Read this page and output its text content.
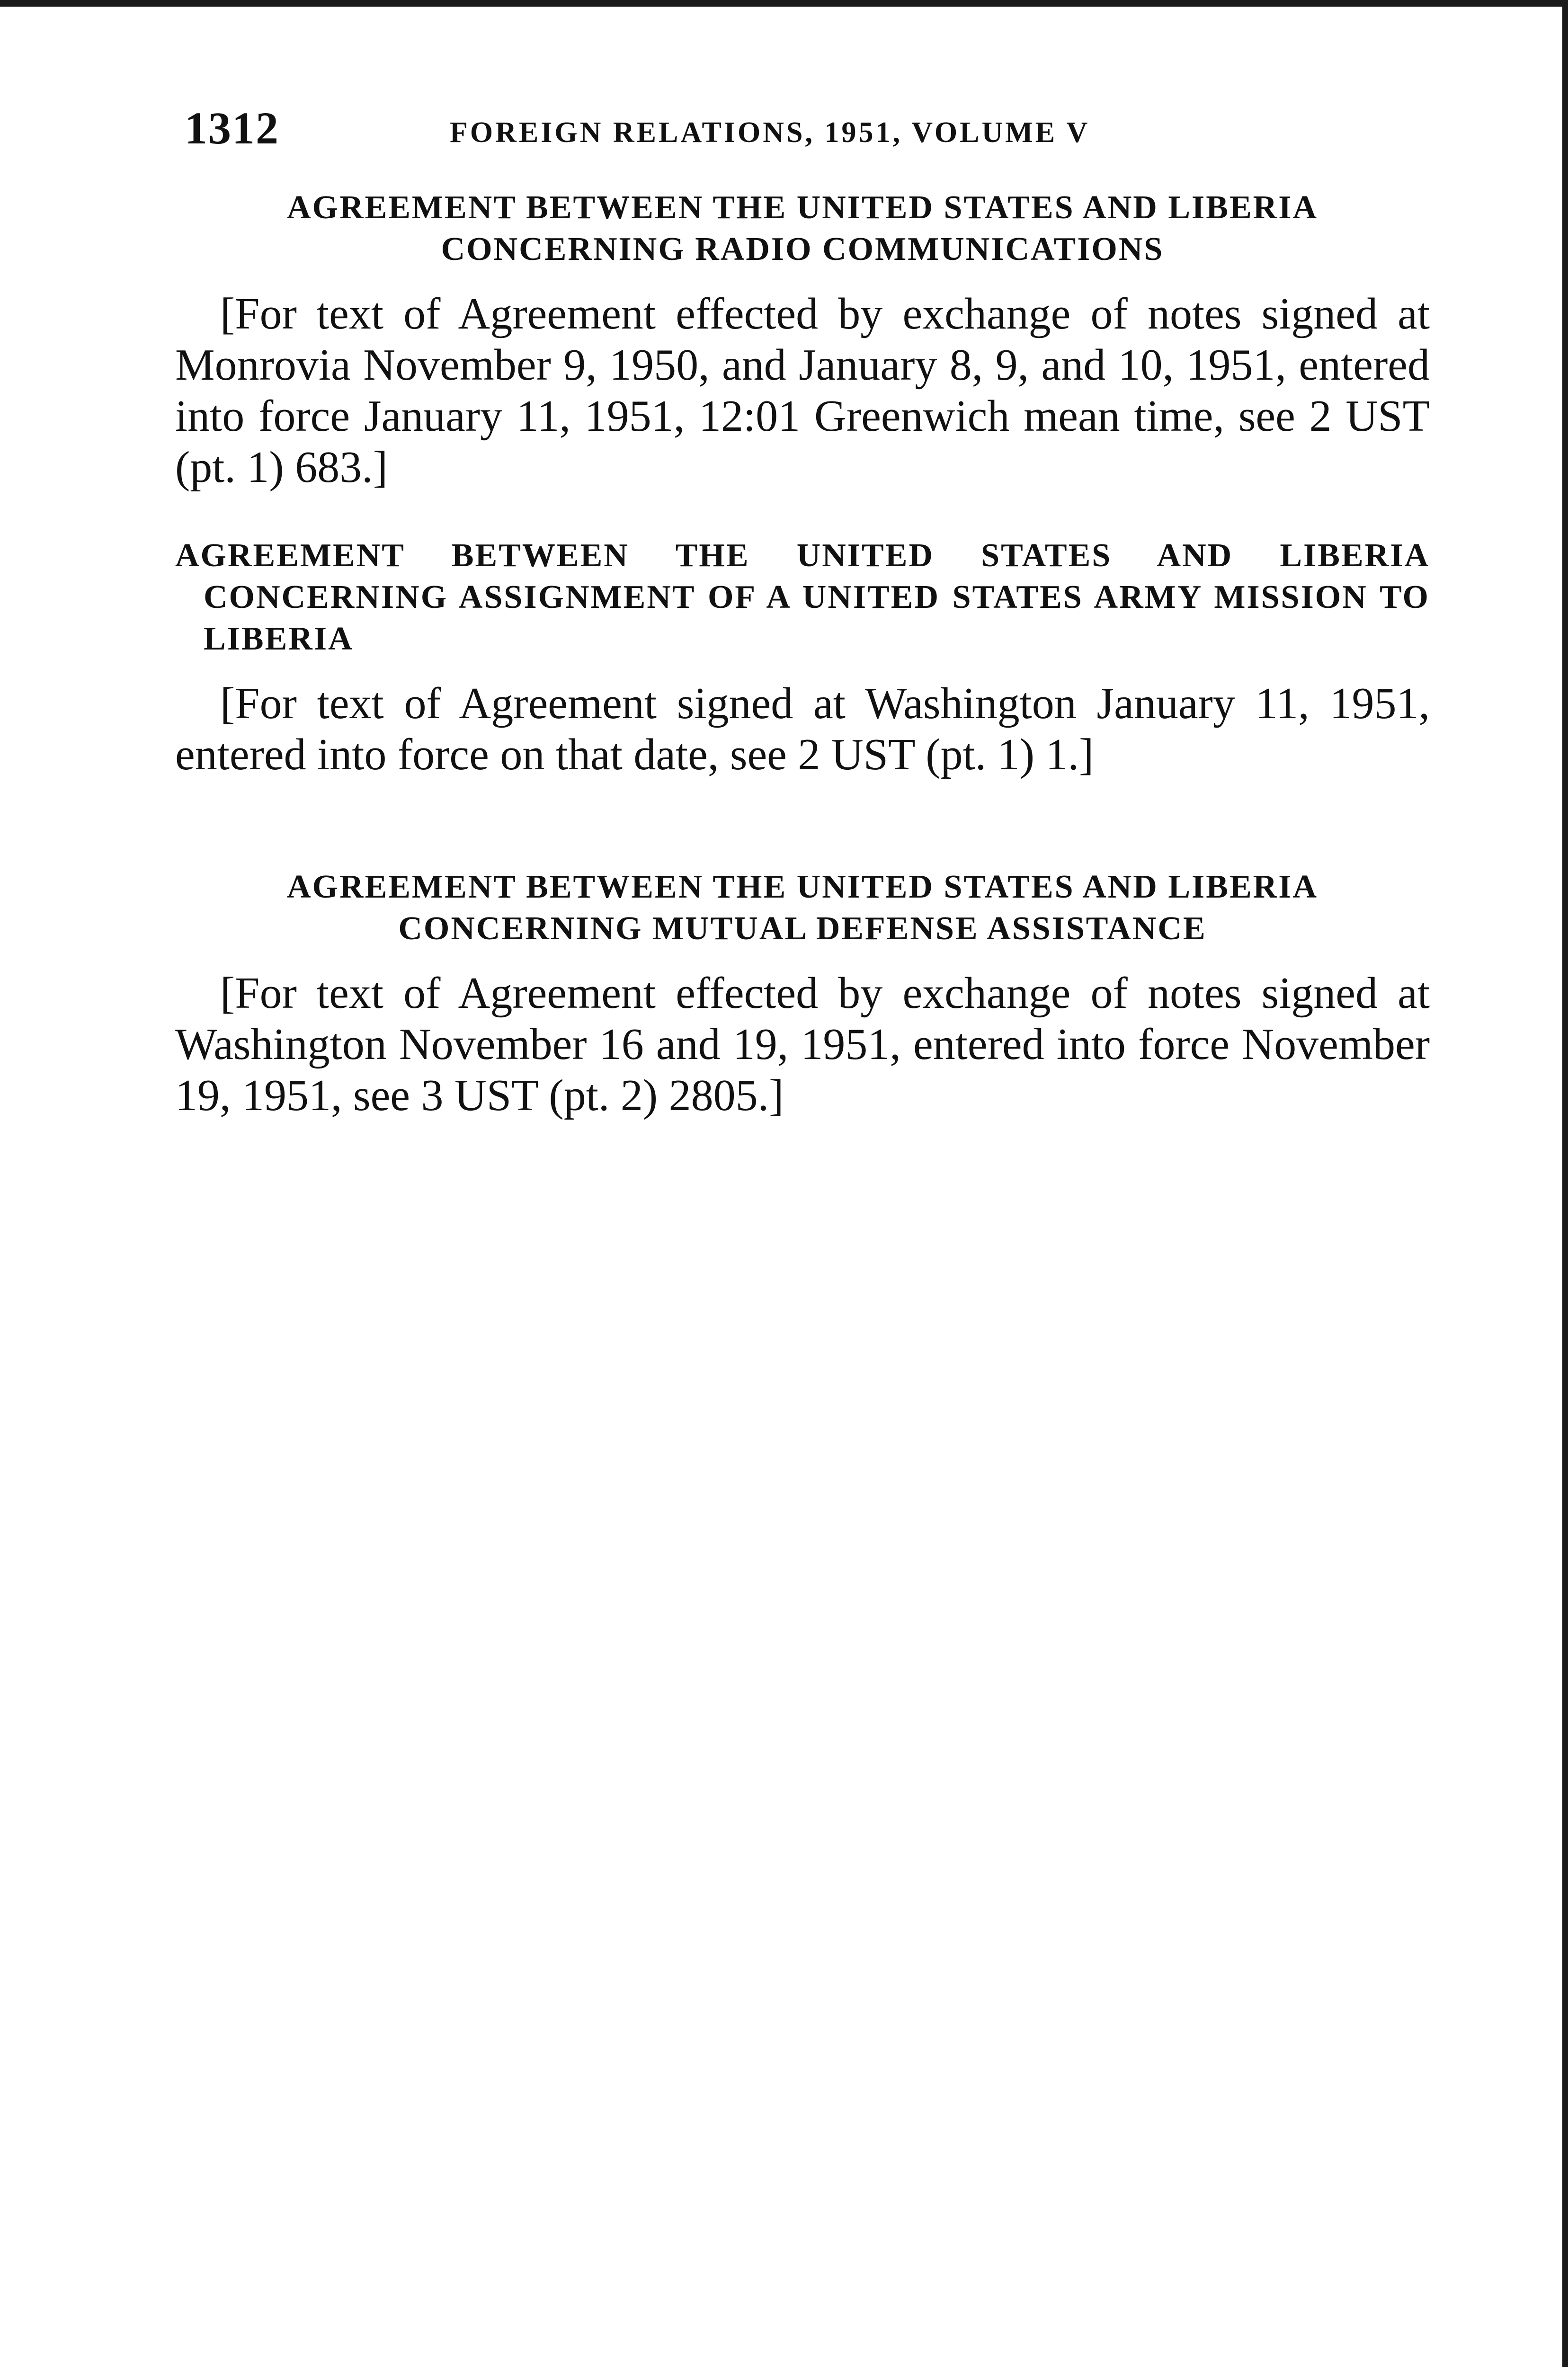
1312	FOREIGN RELATIONS, 1951, VOLUME V

AGREEMENT BETWEEN THE UNITED STATES AND LIBERIA CONCERNING RADIO COMMUNICATIONS

[For text of Agreement effected by exchange of notes signed at Monrovia November 9, 1950, and January 8, 9, and 10, 1951, entered into force January 11, 1951, 12:01 Greenwich mean time, see 2 UST (pt. 1) 683.]

AGREEMENT BETWEEN THE UNITED STATES AND LIBERIA CONCERNING ASSIGNMENT OF A UNITED STATES ARMY MISSION TO LIBERIA

[For text of Agreement signed at Washington January 11, 1951, entered into force on that date, see 2 UST (pt. 1) 1.]

AGREEMENT BETWEEN THE UNITED STATES AND LIBERIA CONCERNING MUTUAL DEFENSE ASSISTANCE

[For text of Agreement effected by exchange of notes signed at Washington November 16 and 19, 1951, entered into force November 19, 1951, see 3 UST (pt. 2) 2805.]
